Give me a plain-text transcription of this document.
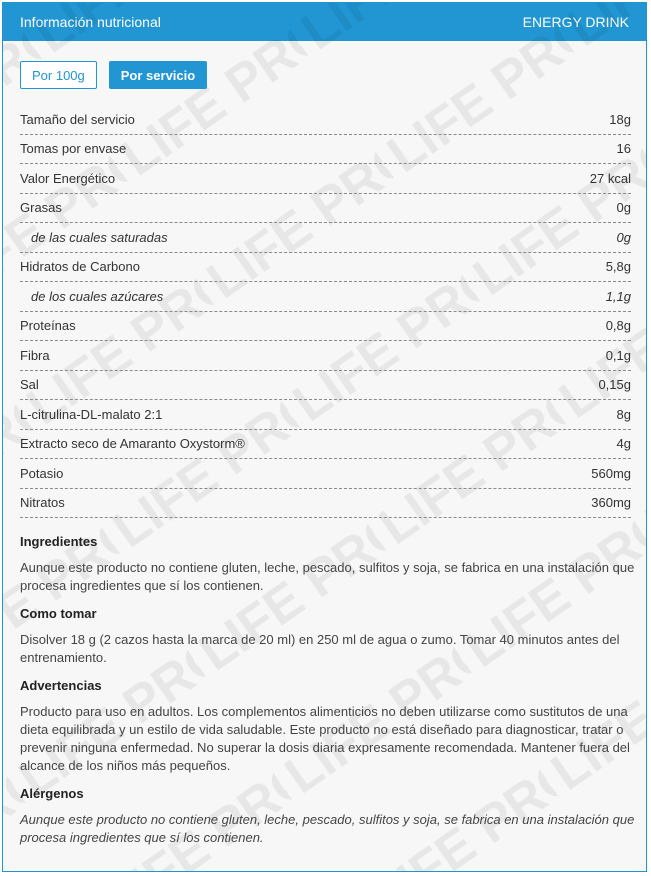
Información nutricional	ENERGY DRINK
Por 100g	Por servicio
Tamaño del servicio	18g
Tomas por envase	16
Valor Energético	27 kcal
Grasas	0g
de las cuales saturadas	0g
Hidratos de Carbono	5,8g
de los cuales azúcares	1,1g
Proteínas	0,8g
Fibra	0,1g
Sal	0,15g
L-citrulina-DL-malato 2:1	8g
Extracto seco de Amaranto Oxystorm®	4g
Potasio	560mg
Nitratos	360mg

Ingredientes

Aunque este producto no contiene gluten, leche, pescado, sulfitos y soja, se fabrica en una instalación que procesa ingredientes que sí los contienen.

Como tomar

Disolver 18 g (2 cazos hasta la marca de 20 ml) en 250 ml de agua o zumo. Tomar 40 minutos antes del entrenamiento.

Advertencias

Producto para uso en adultos. Los complementos alimenticios no deben utilizarse como sustitutos de una dieta equilibrada y un estilo de vida saludable. Este producto no está diseñado para diagnosticar, tratar o prevenir ninguna enfermedad. No superar la dosis diaria expresamente recomendada. Mantener fuera del alcance de los niños más pequeños.

Alérgenos

Aunque este producto no contiene gluten, leche, pescado, sulfitos y soja, se fabrica en una instalación que procesa ingredientes que sí los contienen.
